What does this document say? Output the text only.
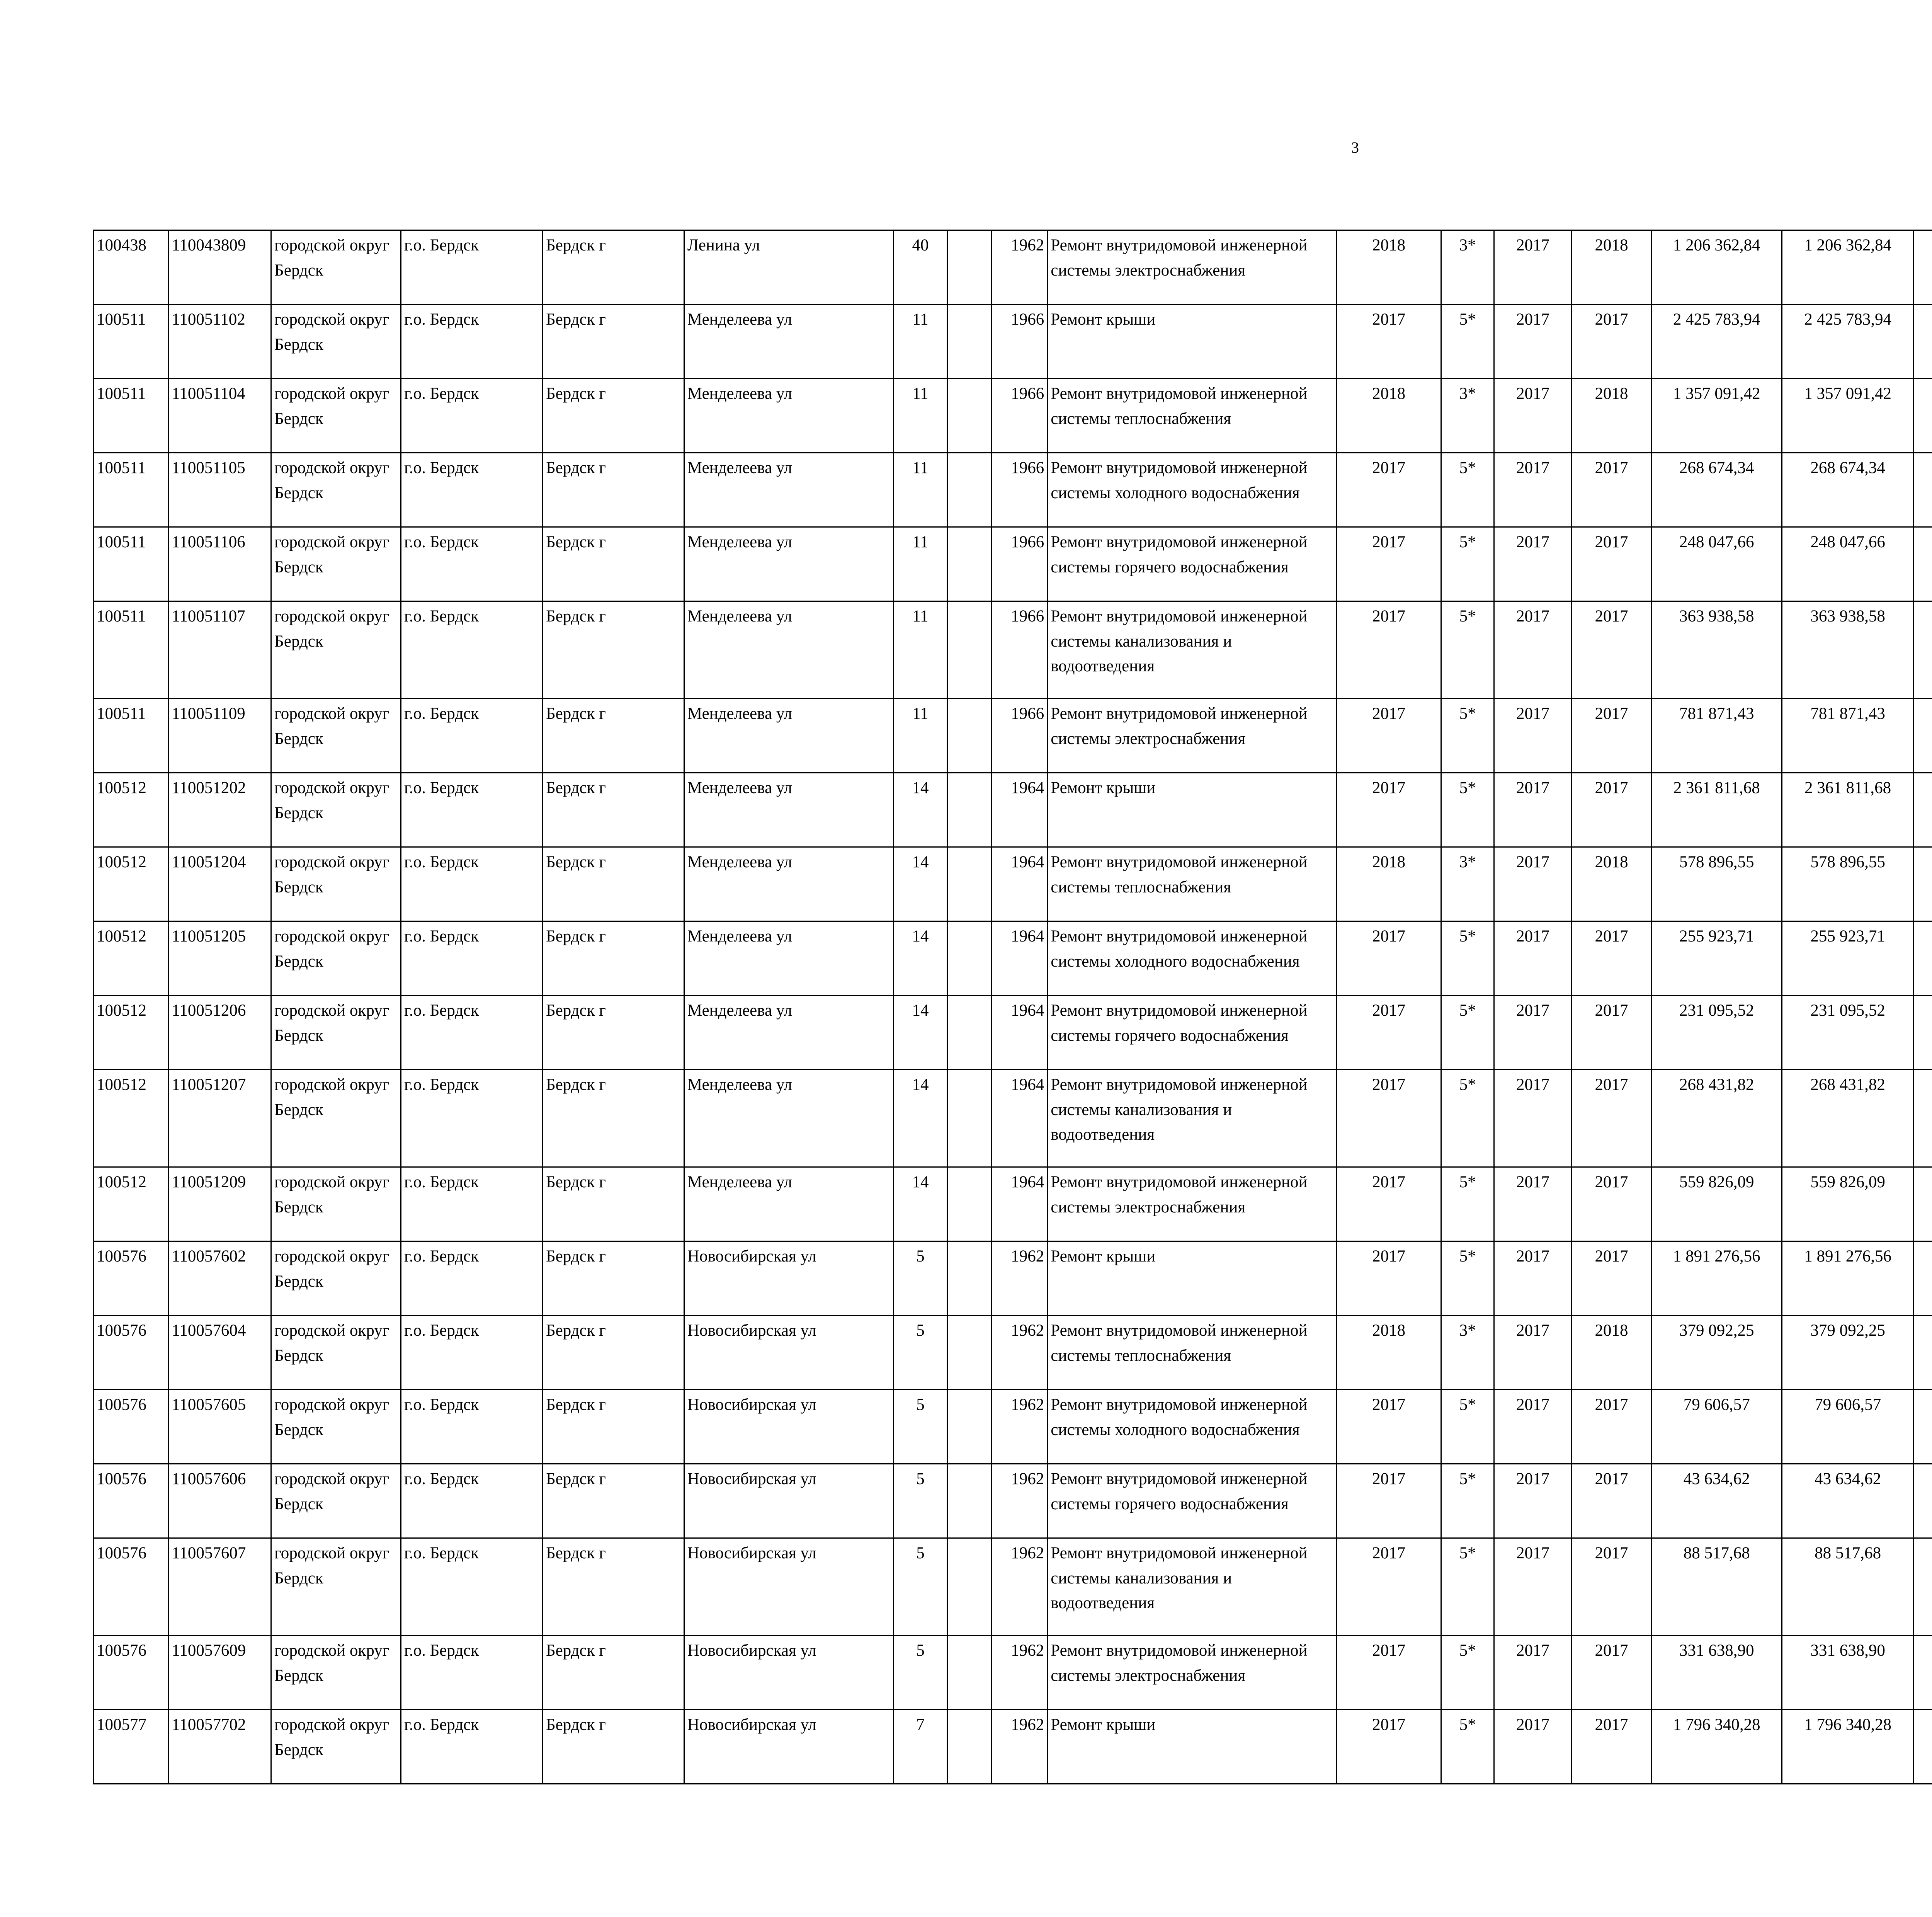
3
100438	110043809	городской округ Бердск	г.о. Бердск	Бердск г	Ленина ул	40		1962	Ремонт внутридомовой инженерной системы электроснабжения	2018	3*	2017	2018	1 206 362,84	1 206 362,84						
100511	110051102	городской округ Бердск	г.о. Бердск	Бердск г	Менделеева ул	11		1966	Ремонт крыши	2017	5*	2017	2017	2 425 783,94	2 425 783,94						
100511	110051104	городской округ Бердск	г.о. Бердск	Бердск г	Менделеева ул	11		1966	Ремонт внутридомовой инженерной системы теплоснабжения	2018	3*	2017	2018	1 357 091,42	1 357 091,42						
100511	110051105	городской округ Бердск	г.о. Бердск	Бердск г	Менделеева ул	11		1966	Ремонт внутридомовой инженерной системы холодного водоснабжения	2017	5*	2017	2017	268 674,34	268 674,34						
100511	110051106	городской округ Бердск	г.о. Бердск	Бердск г	Менделеева ул	11		1966	Ремонт внутридомовой инженерной системы горячего водоснабжения	2017	5*	2017	2017	248 047,66	248 047,66						
100511	110051107	городской округ Бердск	г.о. Бердск	Бердск г	Менделеева ул	11		1966	Ремонт внутридомовой инженерной системы канализования и водоотведения	2017	5*	2017	2017	363 938,58	363 938,58						
100511	110051109	городской округ Бердск	г.о. Бердск	Бердск г	Менделеева ул	11		1966	Ремонт внутридомовой инженерной системы электроснабжения	2017	5*	2017	2017	781 871,43	781 871,43						
100512	110051202	городской округ Бердск	г.о. Бердск	Бердск г	Менделеева ул	14		1964	Ремонт крыши	2017	5*	2017	2017	2 361 811,68	2 361 811,68						
100512	110051204	городской округ Бердск	г.о. Бердск	Бердск г	Менделеева ул	14		1964	Ремонт внутридомовой инженерной системы теплоснабжения	2018	3*	2017	2018	578 896,55	578 896,55						
100512	110051205	городской округ Бердск	г.о. Бердск	Бердск г	Менделеева ул	14		1964	Ремонт внутридомовой инженерной системы холодного водоснабжения	2017	5*	2017	2017	255 923,71	255 923,71						
100512	110051206	городской округ Бердск	г.о. Бердск	Бердск г	Менделеева ул	14		1964	Ремонт внутридомовой инженерной системы горячего водоснабжения	2017	5*	2017	2017	231 095,52	231 095,52						
100512	110051207	городской округ Бердск	г.о. Бердск	Бердск г	Менделеева ул	14		1964	Ремонт внутридомовой инженерной системы канализования и водоотведения	2017	5*	2017	2017	268 431,82	268 431,82						
100512	110051209	городской округ Бердск	г.о. Бердск	Бердск г	Менделеева ул	14		1964	Ремонт внутридомовой инженерной системы электроснабжения	2017	5*	2017	2017	559 826,09	559 826,09						
100576	110057602	городской округ Бердск	г.о. Бердск	Бердск г	Новосибирская ул	5		1962	Ремонт крыши	2017	5*	2017	2017	1 891 276,56	1 891 276,56						
100576	110057604	городской округ Бердск	г.о. Бердск	Бердск г	Новосибирская ул	5		1962	Ремонт внутридомовой инженерной системы теплоснабжения	2018	3*	2017	2018	379 092,25	379 092,25						
100576	110057605	городской округ Бердск	г.о. Бердск	Бердск г	Новосибирская ул	5		1962	Ремонт внутридомовой инженерной системы холодного водоснабжения	2017	5*	2017	2017	79 606,57	79 606,57						
100576	110057606	городской округ Бердск	г.о. Бердск	Бердск г	Новосибирская ул	5		1962	Ремонт внутридомовой инженерной системы горячего водоснабжения	2017	5*	2017	2017	43 634,62	43 634,62						
100576	110057607	городской округ Бердск	г.о. Бердск	Бердск г	Новосибирская ул	5		1962	Ремонт внутридомовой инженерной системы канализования и водоотведения	2017	5*	2017	2017	88 517,68	88 517,68						
100576	110057609	городской округ Бердск	г.о. Бердск	Бердск г	Новосибирская ул	5		1962	Ремонт внутридомовой инженерной системы электроснабжения	2017	5*	2017	2017	331 638,90	331 638,90						
100577	110057702	городской округ Бердск	г.о. Бердск	Бердск г	Новосибирская ул	7		1962	Ремонт крыши	2017	5*	2017	2017	1 796 340,28	1 796 340,28						
